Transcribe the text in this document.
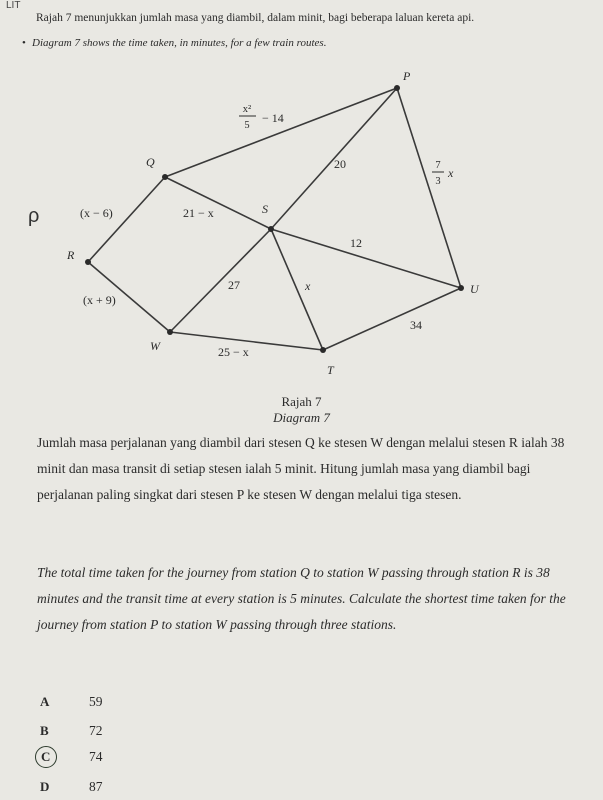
LIT
Rajah 7 menunjukkan jumlah masa yang diambil, dalam minit, bagi beberapa laluan kereta api.
• Diagram 7 shows the time taken, in minutes, for a few train routes.
ρ
P
Q
R
S
T
U
W
x²
5
− 14
20	7
3
x
(x − 6)	21 − x
12
27	x
(x + 9)
34
25 − x
Rajah 7
Diagram 7
Jumlah masa perjalanan yang diambil dari stesen Q ke stesen W dengan melalui stesen R ialah 38 minit dan masa transit di setiap stesen ialah 5 minit. Hitung jumlah masa yang diambil bagi perjalanan paling singkat dari stesen P ke stesen W dengan melalui tiga stesen.
The total time taken for the journey from station Q to station W passing through station R is 38 minutes and the transit time at every station is 5 minutes. Calculate the shortest time taken for the journey from station P to station W passing through three stations.
A	59
B	72
C	74
D	87
